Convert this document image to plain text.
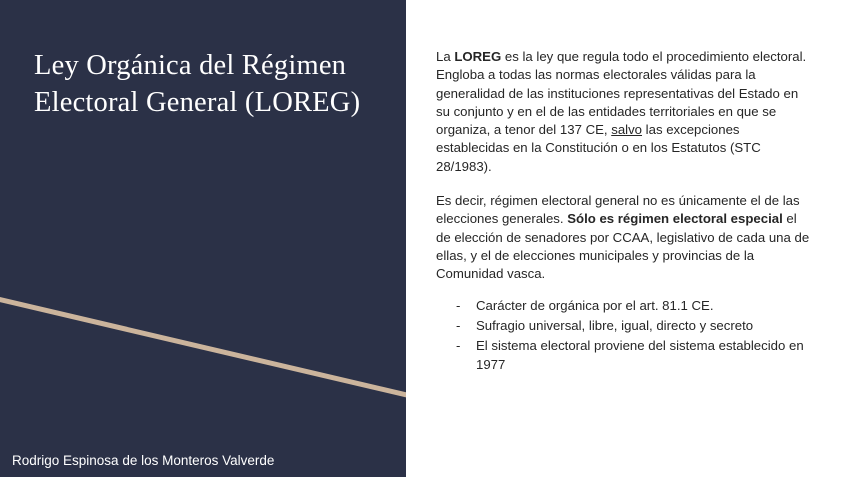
Ley Orgánica del Régimen Electoral General (LOREG)
Rodrigo Espinosa de los Monteros Valverde

La LOREG es la ley que regula todo el procedimiento electoral. Engloba a todas las normas electorales válidas para la generalidad de las instituciones representativas del Estado en su conjunto y en el de las entidades territoriales en que se organiza, a tenor del 137 CE, salvo las excepciones establecidas en la Constitución o en los Estatutos (STC 28/1983).

Es decir, régimen electoral general no es únicamente el de las elecciones generales. Sólo es régimen electoral especial el de elección de senadores por CCAA, legislativo de cada una de ellas, y el de elecciones municipales y provincias de la Comunidad vasca.

- Carácter de orgánica por el art. 81.1 CE.
- Sufragio universal, libre, igual, directo y secreto
- El sistema electoral proviene del sistema establecido en 1977
